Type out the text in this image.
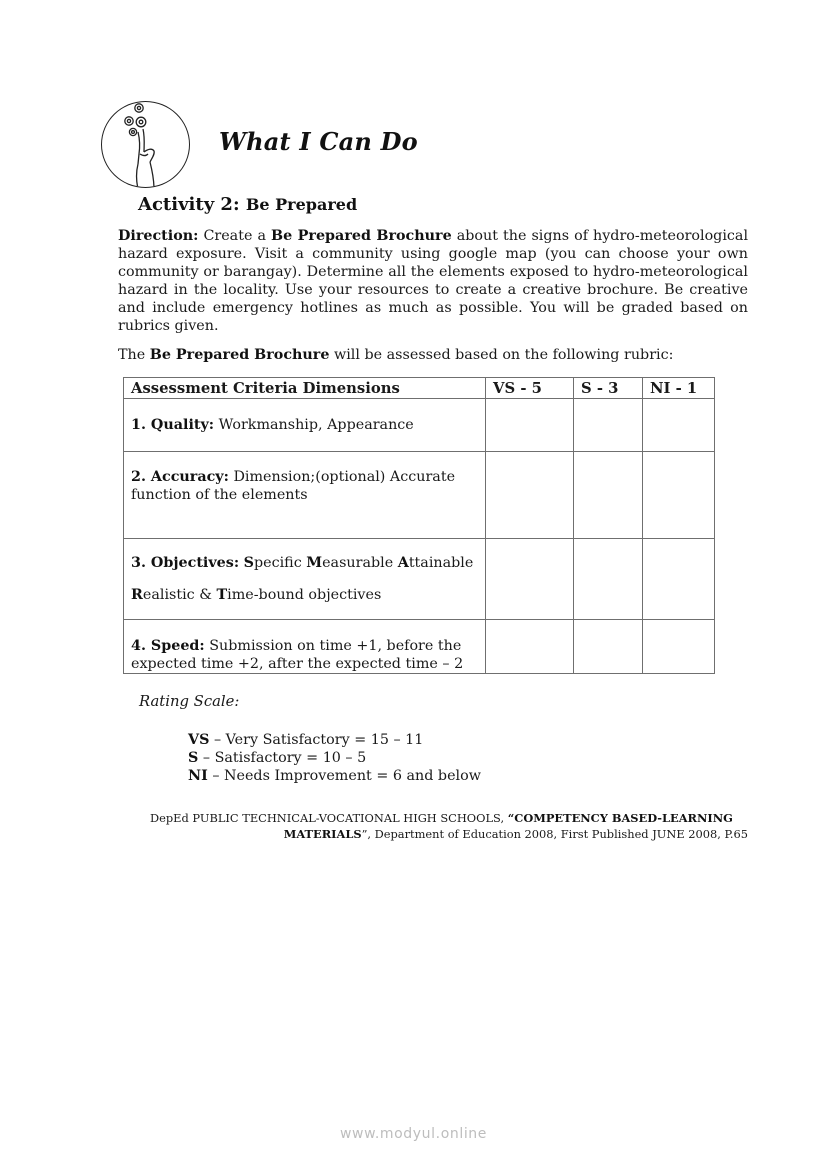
What I Can Do
Activity 2: Be Prepared
Direction: Create a Be Prepared Brochure about the signs of hydro-meteorological hazard exposure. Visit a community using google map (you can choose your own community or barangay). Determine all the elements exposed to hydro-meteorological hazard in the locality. Use your resources to create a creative brochure. Be creative and include emergency hotlines as much as possible. You will be graded based on rubrics given.
The Be Prepared Brochure will be assessed based on the following rubric:
Assessment Criteria Dimensions	VS - 5	S - 3	NI - 1
1. Quality: Workmanship, Appearance			
2. Accuracy: Dimension;(optional) Accurate function of the elements			

3. Objectives: Specific Measurable Attainable
Realistic & Time-bound objectives			
4. Speed: Submission on time +1, before the expected time +2, after the expected time – 2			
Rating Scale:
VS – Very Satisfactory = 15 – 11
S – Satisfactory = 10 – 5
NI – Needs Improvement = 6 and below
DepEd PUBLIC TECHNICAL-VOCATIONAL HIGH SCHOOLS, “COMPETENCY BASED-LEARNING
MATERIALS”, Department of Education 2008, First Published JUNE 2008, P.65
www.modyul.online
